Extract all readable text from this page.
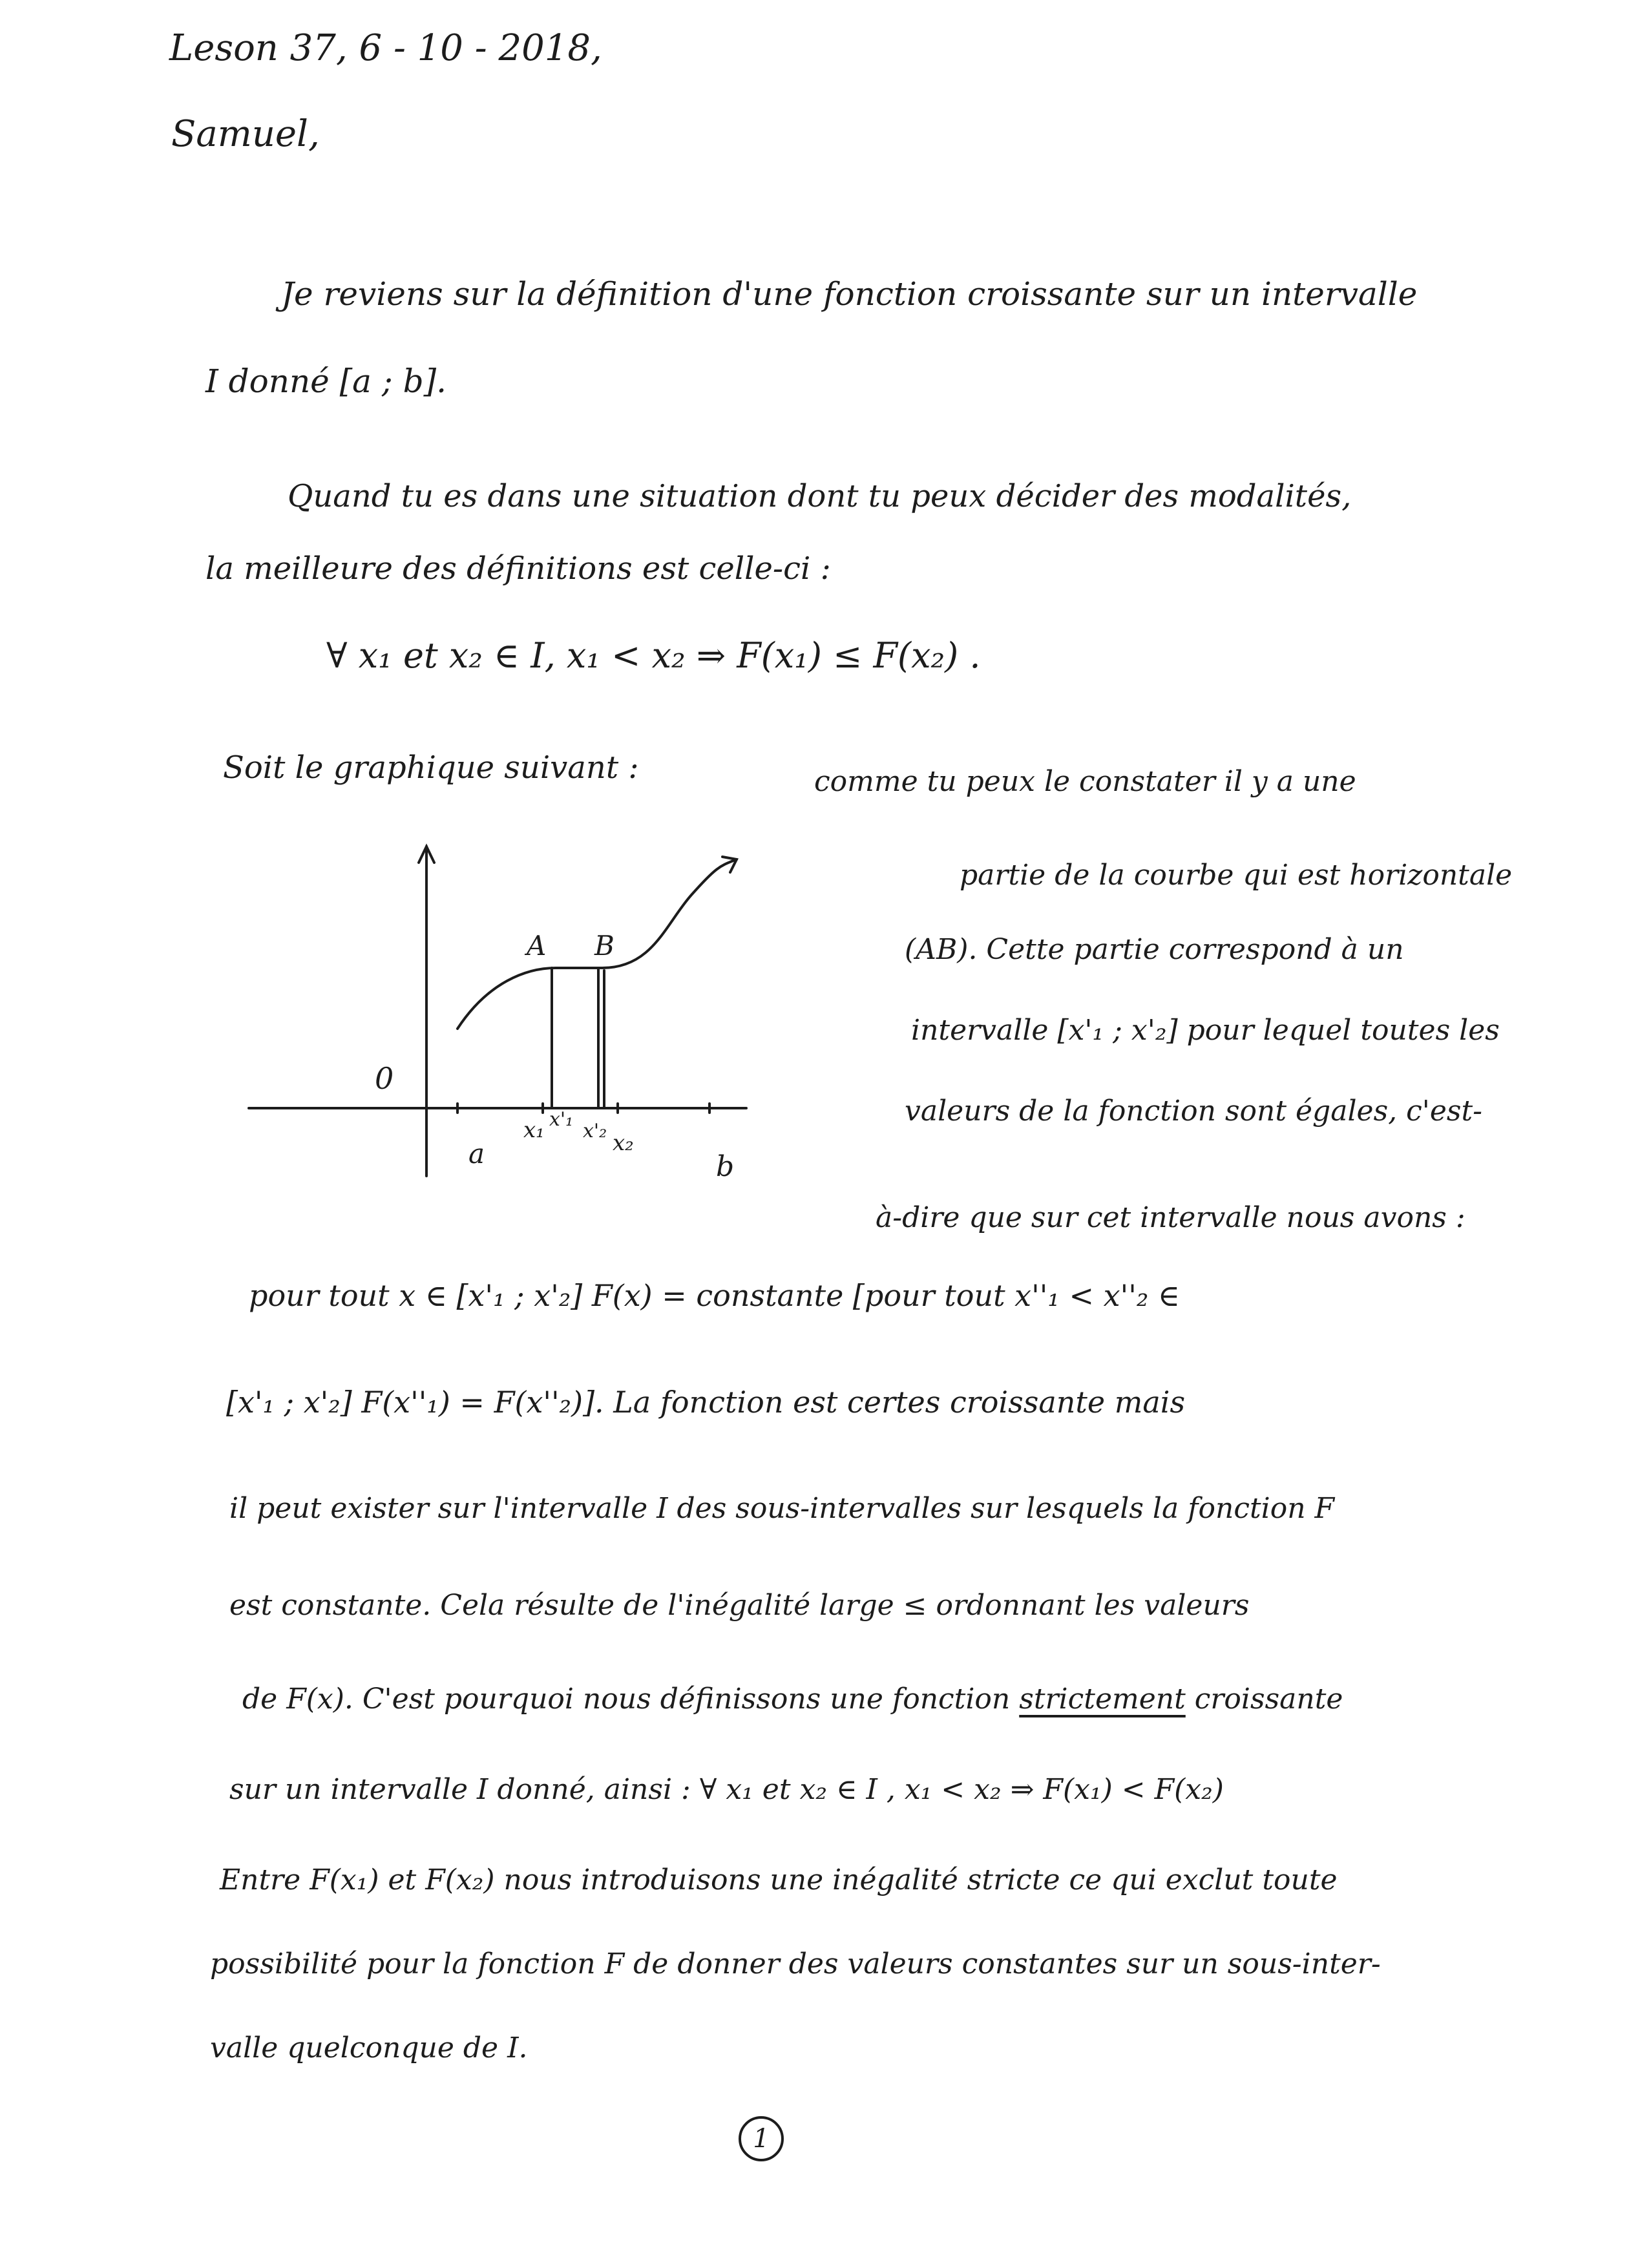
Leson 37, 6 - 10 - 2018,
Samuel,
Je reviens sur la définition d'une fonction croissante sur un intervalle
I donné [a ; b].
Quand tu es dans une situation dont tu peux décider des modalités,
la meilleure des définitions est celle-ci :
∀ x₁ et x₂ ∈ I, x₁ < x₂ ⇒ F(x₁) ≤ F(x₂) .
Soit le graphique suivant :	comme tu peux le constater il y a une
partie de la courbe qui est horizontale
(AB). Cette partie correspond à un
intervalle [x'₁ ; x'₂] pour lequel toutes les
valeurs de la fonction sont égales, c'est-
à-dire que sur cet intervalle nous avons :
0
A B
a
x₁ x'₁
x'₂ x₂
b
pour tout x ∈ [x'₁ ; x'₂] F(x) = constante [pour tout x''₁ < x''₂ ∈
[x'₁ ; x'₂] F(x''₁) = F(x''₂)]. La fonction est certes croissante mais
il peut exister sur l'intervalle I des sous-intervalles sur lesquels la fonction F
est constante. Cela résulte de l'inégalité large ≤ ordonnant les valeurs
de F(x). C'est pourquoi nous définissons une fonction strictement croissante
sur un intervalle I donné, ainsi : ∀ x₁ et x₂ ∈ I , x₁ < x₂ ⇒ F(x₁) < F(x₂)
Entre F(x₁) et F(x₂) nous introduisons une inégalité stricte ce qui exclut toute
possibilité pour la fonction F de donner des valeurs constantes sur un sous-inter-
valle quelconque de I.
1
